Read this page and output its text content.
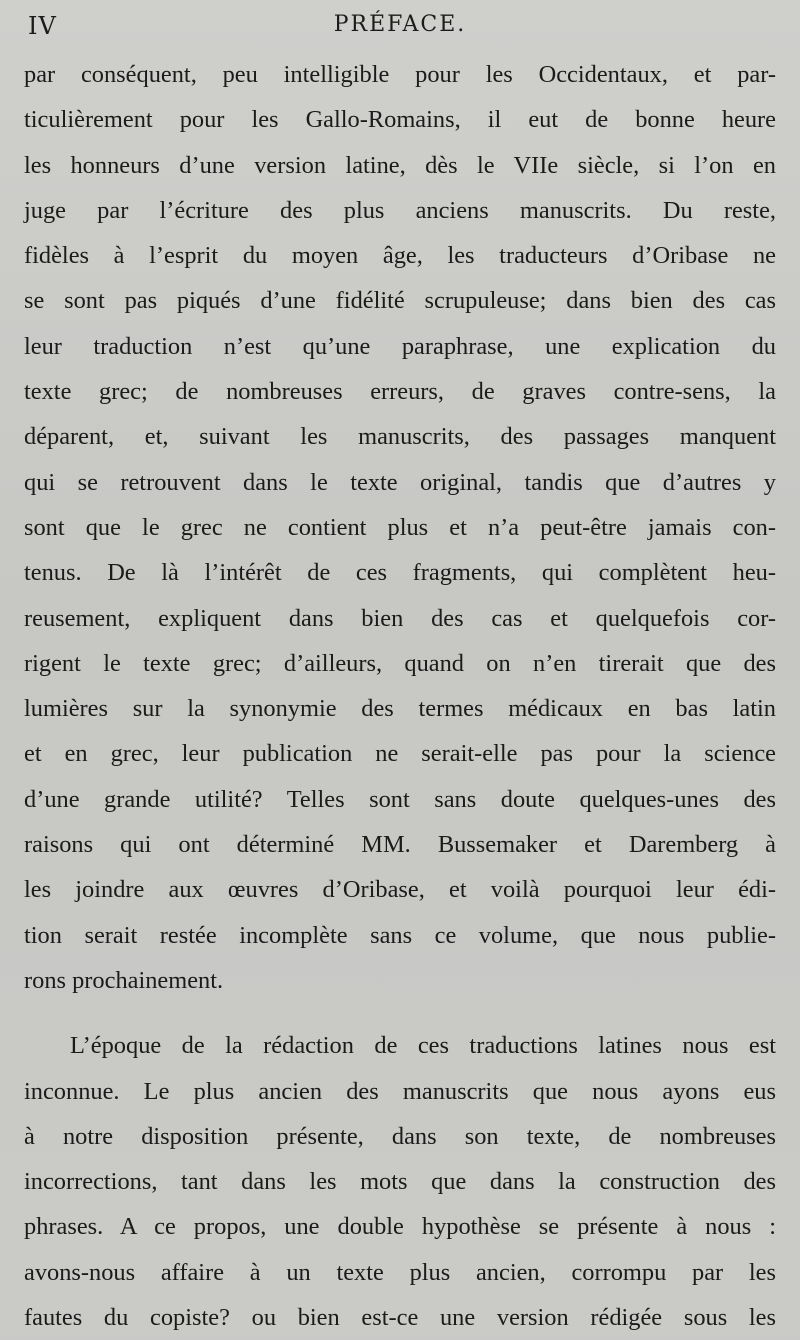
IV	PRÉFACE.
par conséquent, peu intelligible pour les Occidentaux, et par-
ticulièrement pour les Gallo-Romains, il eut de bonne heure
les honneurs d’une version latine, dès le VIIe siècle, si l’on en
juge par l’écriture des plus anciens manuscrits. Du reste,
fidèles à l’esprit du moyen âge, les traducteurs d’Oribase ne
se sont pas piqués d’une fidélité scrupuleuse; dans bien des cas
leur traduction n’est qu’une paraphrase, une explication du
texte grec; de nombreuses erreurs, de graves contre-sens, la
déparent, et, suivant les manuscrits, des passages manquent
qui se retrouvent dans le texte original, tandis que d’autres y
sont que le grec ne contient plus et n’a peut-être jamais con-
tenus. De là l’intérêt de ces fragments, qui complètent heu-
reusement, expliquent dans bien des cas et quelquefois cor-
rigent le texte grec; d’ailleurs, quand on n’en tirerait que des
lumières sur la synonymie des termes médicaux en bas latin
et en grec, leur publication ne serait-elle pas pour la science
d’une grande utilité? Telles sont sans doute quelques-unes des
raisons qui ont déterminé MM. Bussemaker et Daremberg à
les joindre aux œuvres d’Oribase, et voilà pourquoi leur édi-
tion serait restée incomplète sans ce volume, que nous publie-
rons prochainement.
L’époque de la rédaction de ces traductions latines nous est
inconnue. Le plus ancien des manuscrits que nous ayons eus
à notre disposition présente, dans son texte, de nombreuses
incorrections, tant dans les mots que dans la construction des
phrases. A ce propos, une double hypothèse se présente à nous :
avons-nous affaire à un texte plus ancien, corrompu par les
fautes du copiste? ou bien est-ce une version rédigée sous les
